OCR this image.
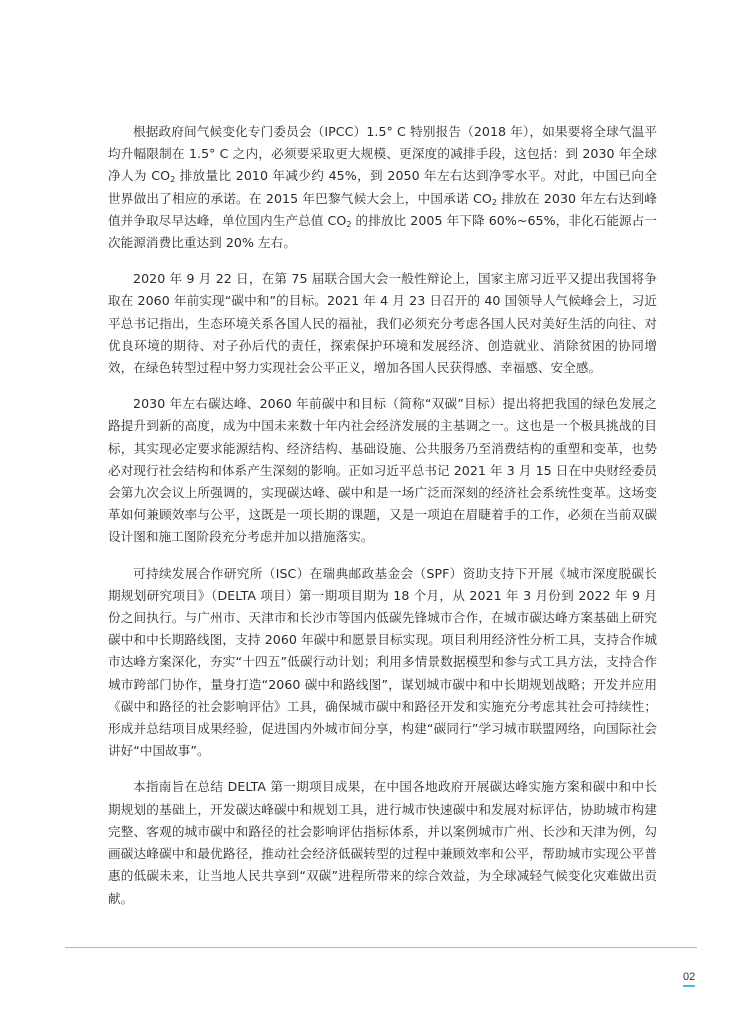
根据政府间气候变化专门委员会（IPCC）1.5° C 特别报告（2018 年），如果要将全球气温平均升幅限制在 1.5° C 之内，必须要采取更大规模、更深度的减排手段，这包括：到 2030 年全球净人为 $CO_2$ 排放量比 2010 年减少约 45%，到 2050 年左右达到净零水平。对此，中国已向全世界做出了相应的承诺。在 2015 年巴黎气候大会上，中国承诺 $CO_2$ 排放在 2030 年左右达到峰值并争取尽早达峰，单位国内生产总值 $CO_2$ 的排放比 2005 年下降 60%~65%，非化石能源占一次能源消费比重达到 20% 左右。

2020 年 9 月 22 日，在第 75 届联合国大会一般性辩论上，国家主席习近平又提出我国将争取在 2060 年前实现“碳中和”的目标。2021 年 4 月 23 日召开的 40 国领导人气候峰会上，习近平总书记指出，生态环境关系各国人民的福祉，我们必须充分考虑各国人民对美好生活的向往、对优良环境的期待、对子孙后代的责任，探索保护环境和发展经济、创造就业、消除贫困的协同增效，在绿色转型过程中努力实现社会公平正义，增加各国人民获得感、幸福感、安全感。

2030 年左右碳达峰、2060 年前碳中和目标（简称“双碳”目标）提出将把我国的绿色发展之路提升到新的高度，成为中国未来数十年内社会经济发展的主基调之一。这也是一个极具挑战的目标，其实现必定要求能源结构、经济结构、基础设施、公共服务乃至消费结构的重塑和变革，也势必对现行社会结构和体系产生深刻的影响。正如习近平总书记 2021 年 3 月 15 日在中央财经委员会第九次会议上所强调的，实现碳达峰、碳中和是一场广泛而深刻的经济社会系统性变革。这场变革如何兼顾效率与公平，这既是一项长期的课题，又是一项迫在眉睫着手的工作，必须在当前双碳设计图和施工图阶段充分考虑并加以措施落实。

可持续发展合作研究所（ISC）在瑞典邮政基金会（SPF）资助支持下开展《城市深度脱碳长期规划研究项目》（DELTA 项目）第一期项目期为 18 个月，从 2021 年 3 月份到 2022 年 9 月份之间执行。与广州市、天津市和长沙市等国内低碳先锋城市合作，在城市碳达峰方案基础上研究碳中和中长期路线图，支持 2060 年碳中和愿景目标实现。项目利用经济性分析工具，支持合作城市达峰方案深化，夯实“十四五”低碳行动计划；利用多情景数据模型和参与式工具方法，支持合作城市跨部门协作，量身打造“2060 碳中和路线图”，谋划城市碳中和中长期规划战略；开发并应用《碳中和路径的社会影响评估》工具，确保城市碳中和路径开发和实施充分考虑其社会可持续性；形成并总结项目成果经验，促进国内外城市间分享，构建“碳同行”学习城市联盟网络，向国际社会讲好“中国故事”。

本指南旨在总结 DELTA 第一期项目成果，在中国各地政府开展碳达峰实施方案和碳中和中长期规划的基础上，开发碳达峰碳中和规划工具，进行城市快速碳中和发展对标评估，协助城市构建完整、客观的城市碳中和路径的社会影响评估指标体系，并以案例城市广州、长沙和天津为例，勾画碳达峰碳中和最优路径，推动社会经济低碳转型的过程中兼顾效率和公平，帮助城市实现公平普惠的低碳未来，让当地人民共享到“双碳”进程所带来的综合效益，为全球减轻气候变化灾难做出贡献。

02
